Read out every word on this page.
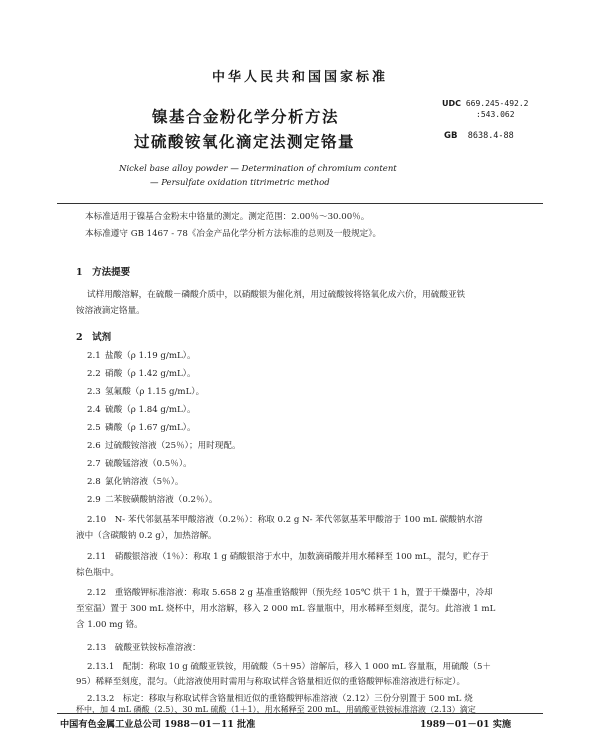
中华人民共和国国家标准
镍基合金粉化学分析方法
过硫酸铵氧化滴定法测定铬量
UDC 669.245-492.2
:543.062
GB 8638.4-88
Nickel base alloy powder — Determination of chromium content
— Persulfate oxidation titrimetric method
本标准适用于镍基合金粉末中铬量的测定。测定范围：2.00％～30.00％。
本标准遵守 GB 1467 - 78《冶金产品化学分析方法标准的总则及一般规定》。
1　方法提要
试样用酸溶解，在硫酸－磷酸介质中，以硝酸银为催化剂，用过硫酸铵将铬氧化成六价，用硫酸亚铁
铵溶液滴定铬量。
2　试剂
2.1 盐酸（ρ 1.19 g/mL）。
2.2 硝酸（ρ 1.42 g/mL）。
2.3 氢氟酸（ρ 1.15 g/mL）。
2.4 硫酸（ρ 1.84 g/mL）。
2.5 磷酸（ρ 1.67 g/mL）。
2.6 过硫酸铵溶液（25％）；用时现配。
2.7 硫酸锰溶液（0.5％）。
2.8 氯化钠溶液（5％）。
2.9 二苯胺磺酸钠溶液（0.2％）。
2.10　N- 苯代邻氨基苯甲酸溶液（0.2％）：称取 0.2 g N- 苯代邻氨基苯甲酸溶于 100 mL 碳酸钠水溶
液中（含碳酸钠 0.2 g），加热溶解。
2.11　硝酸银溶液（1％）：称取 1 g 硝酸银溶于水中，加数滴硝酸并用水稀释至 100 mL，混匀，贮存于
棕色瓶中。
2.12　重铬酸钾标准溶液：称取 5.658 2 g 基准重铬酸钾（预先经 105℃ 烘干 1 h，置于干燥器中，冷却
至室温）置于 300 mL 烧杯中，用水溶解，移入 2 000 mL 容量瓶中，用水稀释至刻度，混匀。此溶液 1 mL
含 1.00 mg 铬。
2.13　硫酸亚铁铵标准溶液：
2.13.1　配制：称取 10 g 硫酸亚铁铵，用硫酸（5＋95）溶解后，移入 1 000 mL 容量瓶，用硫酸（5＋
95）稀释至刻度，混匀。（此溶液使用时需用与称取试样含铬量相近似的重铬酸钾标准溶液进行标定）。
2.13.2　标定：移取与称取试样含铬量相近似的重铬酸钾标准溶液（2.12）三份分别置于 500 mL 烧
杯中，加 4 mL 磷酸（2.5）、30 mL 硫酸（1＋1），用水稀释至 200 mL，用硫酸亚铁铵标准溶液（2.13）滴定
中国有色金属工业总公司 1988－01－11 批准	1989－01－01 实施
